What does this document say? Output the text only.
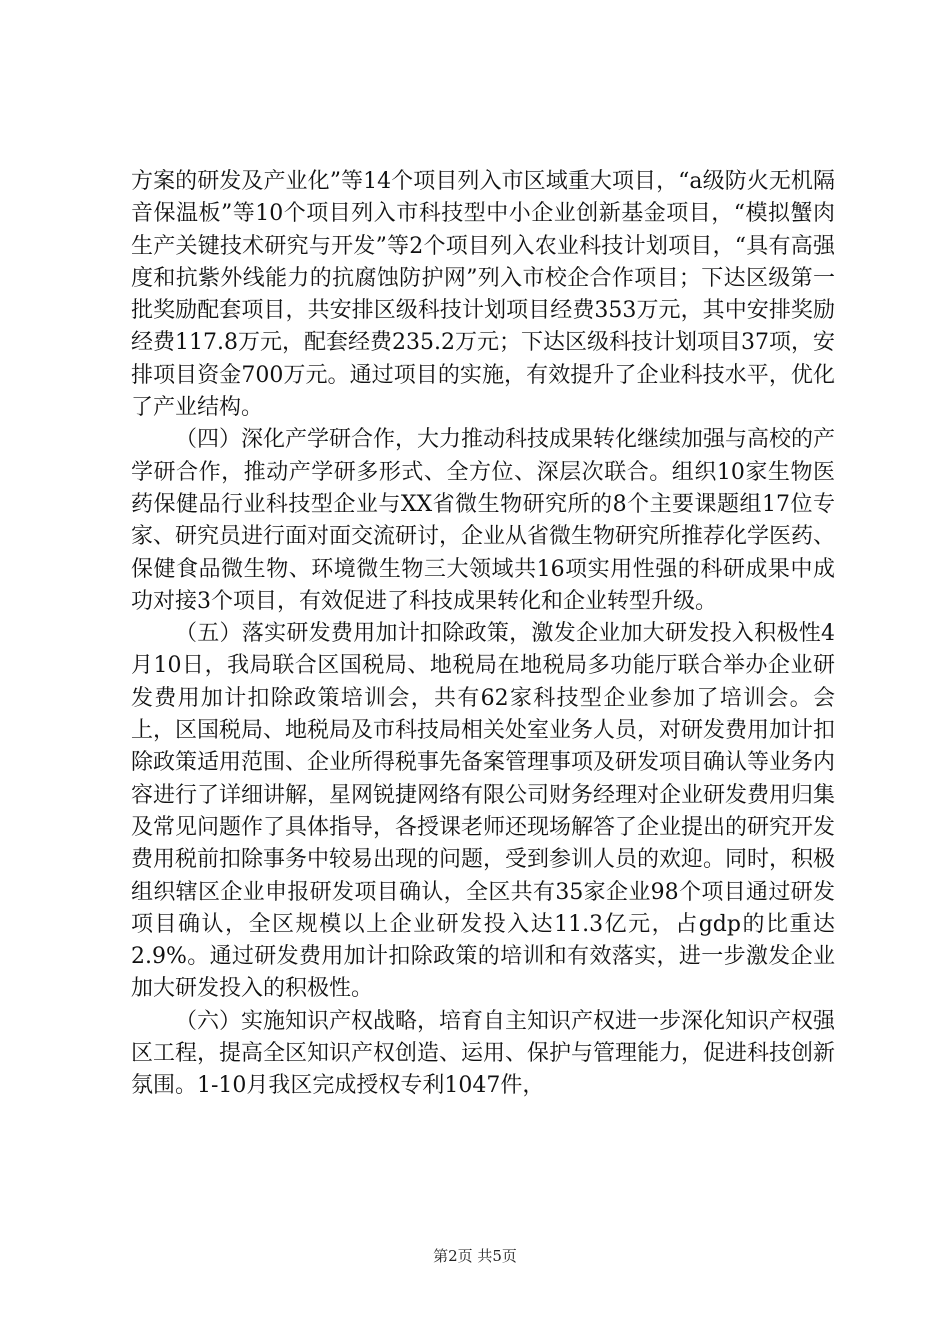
方案的研发及产业化”等14个项目列入市区域重大项目，“a级防火无机隔音保温板”等10个项目列入市科技型中小企业创新基金项目，“模拟蟹肉生产关键技术研究与开发”等2个项目列入农业科技计划项目，“具有高强度和抗紫外线能力的抗腐蚀防护网”列入市校企合作项目；下达区级第一批奖励配套项目，共安排区级科技计划项目经费353万元，其中安排奖励经费117.8万元，配套经费235.2万元；下达区级科技计划项目37项，安排项目资金700万元。通过项目的实施，有效提升了企业科技水平，优化了产业结构。

（四）深化产学研合作，大力推动科技成果转化继续加强与高校的产学研合作，推动产学研多形式、全方位、深层次联合。组织10家生物医药保健品行业科技型企业与XX省微生物研究所的8个主要课题组17位专家、研究员进行面对面交流研讨，企业从省微生物研究所推荐化学医药、保健食品微生物、环境微生物三大领域共16项实用性强的科研成果中成功对接3个项目，有效促进了科技成果转化和企业转型升级。

（五）落实研发费用加计扣除政策，激发企业加大研发投入积极性4月10日，我局联合区国税局、地税局在地税局多功能厅联合举办企业研发费用加计扣除政策培训会，共有62家科技型企业参加了培训会。会上，区国税局、地税局及市科技局相关处室业务人员，对研发费用加计扣除政策适用范围、企业所得税事先备案管理事项及研发项目确认等业务内容进行了详细讲解，星网锐捷网络有限公司财务经理对企业研发费用归集及常见问题作了具体指导，各授课老师还现场解答了企业提出的研究开发费用税前扣除事务中较易出现的问题，受到参训人员的欢迎。同时，积极组织辖区企业申报研发项目确认，全区共有35家企业98个项目通过研发项目确认，全区规模以上企业研发投入达11.3亿元，占gdp的比重达2.9%。通过研发费用加计扣除政策的培训和有效落实，进一步激发企业加大研发投入的积极性。

（六）实施知识产权战略，培育自主知识产权进一步深化知识产权强区工程，提高全区知识产权创造、运用、保护与管理能力，促进科技创新氛围。1-10月我区完成授权专利1047件，

第2页 共5页
